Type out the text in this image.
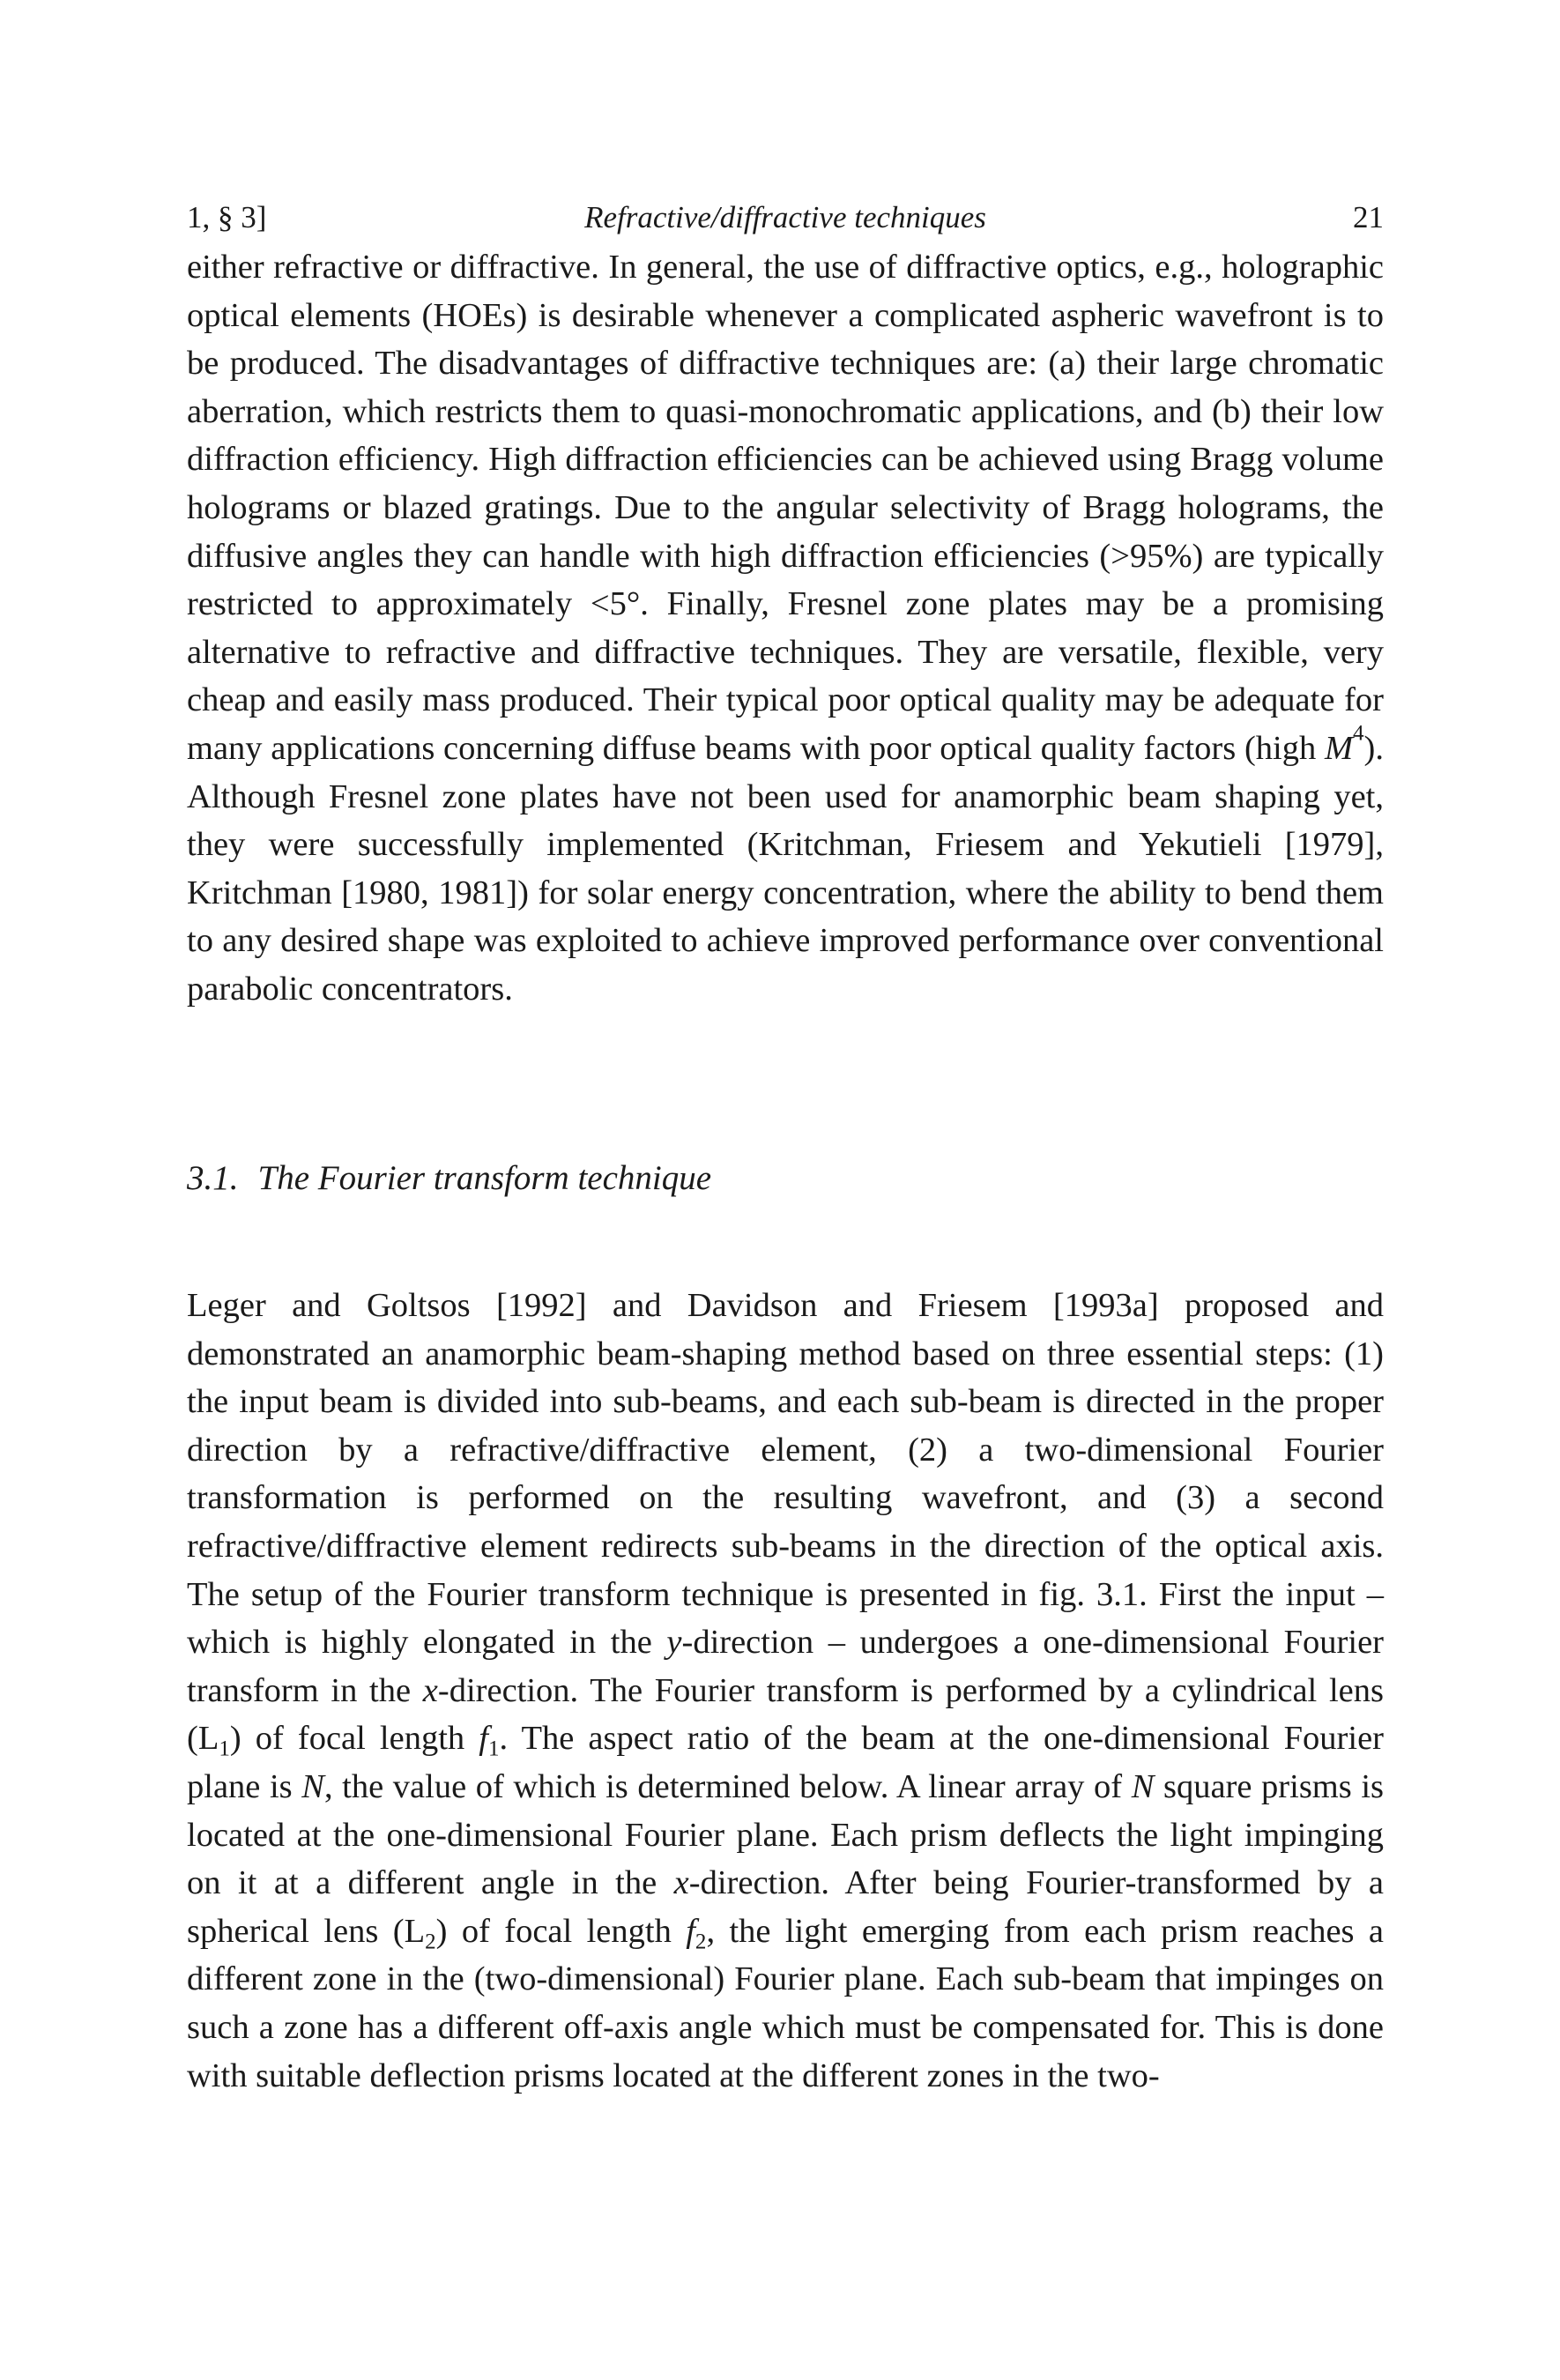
1, § 3]	Refractive/diffractive techniques	21

either refractive or diffractive. In general, the use of diffractive optics, e.g., holographic optical elements (HOEs) is desirable whenever a complicated aspheric wavefront is to be produced. The disadvantages of diffractive techniques are: (a) their large chromatic aberration, which restricts them to quasi-monochromatic applications, and (b) their low diffraction efficiency. High diffraction efficiencies can be achieved using Bragg volume holograms or blazed gratings. Due to the angular selectivity of Bragg holograms, the diffusive angles they can handle with high diffraction efficiencies (>95%) are typically restricted to approximately <5°. Finally, Fresnel zone plates may be a promising alternative to refractive and diffractive techniques. They are versatile, flexible, very cheap and easily mass produced. Their typical poor optical quality may be adequate for many applications concerning diffuse beams with poor optical quality factors (high $M^4$). Although Fresnel zone plates have not been used for anamorphic beam shaping yet, they were successfully implemented (Kritchman, Friesem and Yekutieli [1979], Kritchman [1980, 1981]) for solar energy concentration, where the ability to bend them to any desired shape was exploited to achieve improved performance over conventional parabolic concentrators.

3.1. The Fourier transform technique

Leger and Goltsos [1992] and Davidson and Friesem [1993a] proposed and demonstrated an anamorphic beam-shaping method based on three essential steps: (1) the input beam is divided into sub-beams, and each sub-beam is directed in the proper direction by a refractive/diffractive element, (2) a two-dimensional Fourier transformation is performed on the resulting wavefront, and (3) a second refractive/diffractive element redirects sub-beams in the direction of the optical axis. The setup of the Fourier transform technique is presented in fig. 3.1. First the input – which is highly elongated in the y-direction – undergoes a one-dimensional Fourier transform in the x-direction. The Fourier transform is performed by a cylindrical lens $(L_1)$ of focal length $f_1$. The aspect ratio of the beam at the one-dimensional Fourier plane is N, the value of which is determined below. A linear array of N square prisms is located at the one-dimensional Fourier plane. Each prism deflects the light impinging on it at a different angle in the x-direction. After being Fourier-transformed by a spherical lens $(L_2)$ of focal length $f_2$, the light emerging from each prism reaches a different zone in the (two-dimensional) Fourier plane. Each sub-beam that impinges on such a zone has a different off-axis angle which must be compensated for. This is done with suitable deflection prisms located at the different zones in the two-
